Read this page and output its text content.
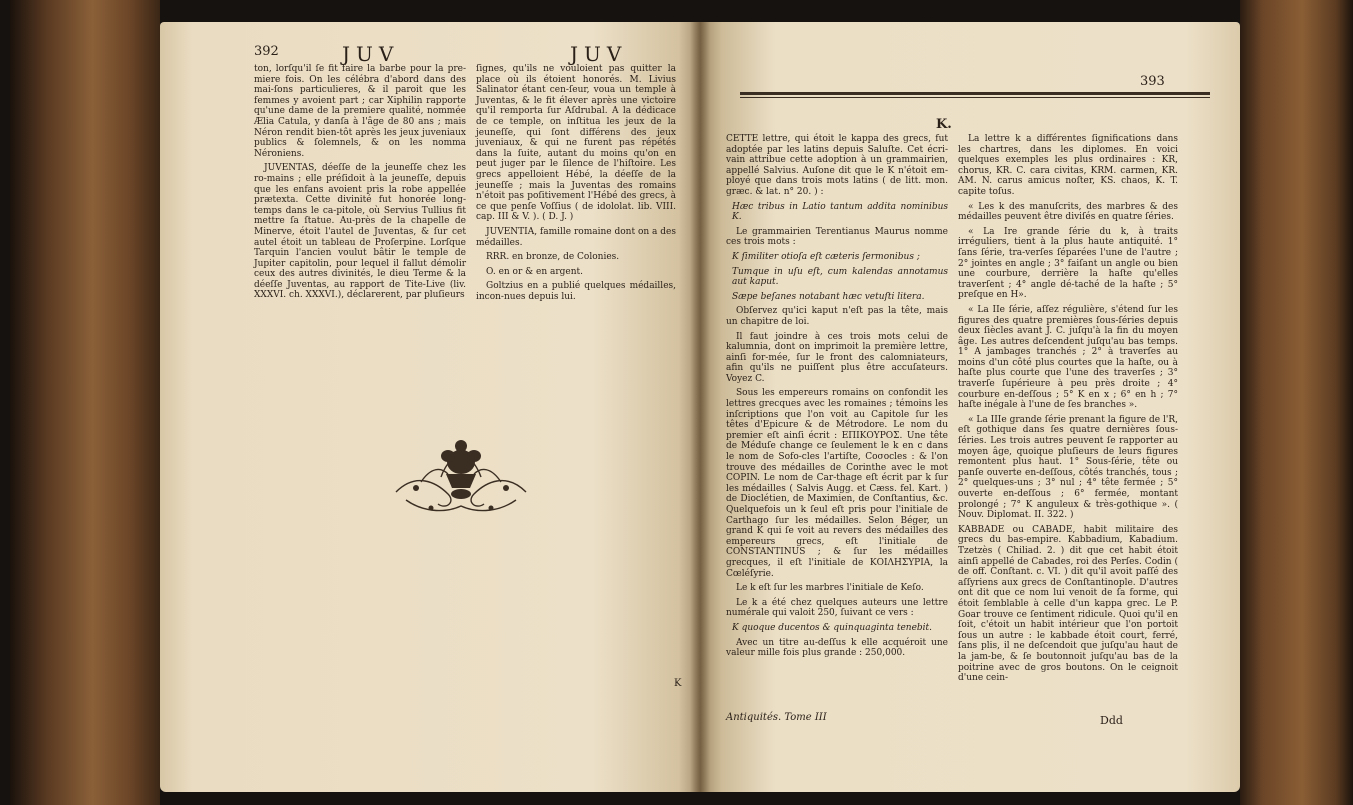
392	JUV	JUV

ton, lorſqu'il ſe fit faire la barbe pour la pre-miere fois. On les célébra d'abord dans des mai-ſons particulieres, & il paroit que les femmes y avoient part ; car Xiphilin rapporte qu'une dame de la premiere qualité, nommée Ælia Catula, y danſa à l'âge de 80 ans ; mais Néron rendit bien-tôt après les jeux juveniaux publics & ſolemnels, & on les nomma Néroniens.

JUVENTAS, déeſſe de la jeuneſſe chez les ro-mains ; elle préſidoit à la jeuneſſe, depuis que les enfans avoient pris la robe appellée prætexta. Cette divinité fut honorée long-temps dans le ca-pitole, où Servius Tullius fit mettre ſa ſtatue. Au-près de la chapelle de Minerve, étoit l'autel de Juventas, & ſur cet autel étoit un tableau de Proſerpine. Lorſque Tarquin l'ancien voulut bâtir le temple de Jupiter capitolin, pour lequel il fallut démolir ceux des autres divinités, le dieu Terme & la déeſſe Juventas, au rapport de Tite-Live (liv. XXXVI. ch. XXXVI.), déclarerent, par pluſieurs

ſignes, qu'ils ne vouloient pas quitter la place où ils étoient honorés. M. Livius Salinator étant cen-ſeur, voua un temple à Juventas, & le fit élever après une victoire qu'il remporta ſur Aſdrubal. A la dédicace de ce temple, on inſtitua les jeux de la jeuneſſe, qui ſont différens des jeux juveniaux, & qui ne furent pas répétés dans la ſuite, autant du moins qu'on en peut juger par le ſilence de l'hiſtoire. Les grecs appelloient Hébé, la déeſſe de la jeuneſſe ; mais la Juventas des romains n'étoit pas poſitivement l'Hébé des grecs, à ce que penſe Voſſius ( de idololat. lib. VIII. cap. III & V. ). ( D. J. )

JUVENTIA, famille romaine dont on a des médailles.

RRR. en bronze, de Colonies.

O. en or & en argent.

Goltzius en a publié quelques médailles, incon-nues depuis lui.

K
393
K.

CETTE lettre, qui étoit le kappa des grecs, fut adoptée par les latins depuis Saluſte. Cet écri-vain attribue cette adoption à un grammairien, appellé Salvius. Auſone dit que le K n'étoit em-ployé que dans trois mots latins ( de litt. mon. græc. & lat. n° 20. ) :

Hæc tribus in Latio tantum addita nominibus K.

Le grammairien Terentianus Maurus nomme ces trois mots :

K ſimiliter otioſa eſt cæteris ſermonibus ;

Tumque in uſu eſt, cum kalendas annotamus aut kaput.

Sæpe beſanes notabant hæc vetuſti litera.

Obſervez qu'ici kaput n'eſt pas la tête, mais un chapitre de loi.

Il faut joindre à ces trois mots celui de kalumnia, dont on imprimoit la première lettre, ainſi for-mée, ſur le front des calomniateurs, afin qu'ils ne puiſſent plus être accuſateurs. Voyez C.

Sous les empereurs romains on confondit les lettres grecques avec les romaines ; témoins les inſcriptions que l'on voit au Capitole ſur les têtes d'Epicure & de Métrodore. Le nom du premier eſt ainſi écrit : ΕΠΙΚΟΥΡΟΣ. Une tête de Méduſe change ce ſeulement le k en c dans le nom de Sofo-cles l'artiſte, Coσocles : & l'on trouve des médailles de Corinthe avec le mot COPIN. Le nom de Car-thage eſt écrit par k ſur les médailles ( Salvis Augg. et Cæss. fel. Kart. ) de Dioclétien, de Maximien, de Conſtantius, &c. Quelquefois un k ſeul eſt pris pour l'initiale de Carthago ſur les médailles. Selon Béger, un grand K qui ſe voit au revers des médailles des empereurs grecs, eſt l'initiale de CONSTANTINUS ; & ſur les médailles grecques, il eſt l'initiale de ΚΟΙΛΗΣΥΡΙΑ, la Cœléſyrie.

Le k eſt ſur les marbres l'initiale de Keſo.

Le k a été chez quelques auteurs une lettre numérale qui valoit 250, ſuivant ce vers :

K quoque ducentos & quinquaginta tenebit.

Avec un titre au-deſſus k elle acquéroit une valeur mille fois plus grande : 250,000.

La lettre k a différentes ſignifications dans les chartres, dans les diplomes. En voici quelques exemples les plus ordinaires : KR, chorus, KR. C. cara civitas, KRM. carmen, KR. AM. N. carus amicus noſter, KS. chaos, K. T. capite toſus.

« Les k des manuſcrits, des marbres & des médailles peuvent être diviſés en quatre ſéries.

« La Ire grande ſérie du k, à traits irréguliers, tient à la plus haute antiquité. 1° ſans ſérie, tra-verſes ſéparées l'une de l'autre ; 2° jointes en angle ; 3° faiſant un angle ou bien une courbure, derrière la haſte qu'elles traverſent ; 4° angle dé-taché de la haſte ; 5° preſque en H».

« La IIe ſérie, aſſez régulière, s'étend ſur les figures des quatre premières ſous-ſéries depuis deux ſiècles avant J. C. juſqu'à la fin du moyen âge. Les autres deſcendent juſqu'au bas temps. 1° A jambages tranchés ; 2° à traverſes au moins d'un côté plus courtes que la haſte, ou à haſte plus courte que l'une des traverſes ; 3° traverſe ſupérieure à peu près droite ; 4° courbure en-deſſous ; 5° K en x ; 6° en h ; 7° haſte inégale à l'une de ſes branches ».

« La IIIe grande ſérie prenant la figure de l'R, eſt gothique dans ſes quatre dernières ſous-ſéries. Les trois autres peuvent ſe rapporter au moyen âge, quoique pluſieurs de leurs figures remontent plus haut. 1° Sous-ſérie, tête ou panſe ouverte en-deſſous, côtés tranchés, tous ; 2° quelques-uns ; 3° nul ; 4° tête fermée ; 5° ouverte en-deſſous ; 6° fermée, montant prolongé ; 7° K anguleux & très-gothique ». ( Nouv. Diplomat. II. 322. )

KABBADE ou CABADE, habit militaire des grecs du bas-empire. Kabbadium, Kabadium. Tzetzès ( Chiliad. 2. ) dit que cet habit étoit ainſi appellé de Cabades, roi des Perſes. Codin ( de off. Conſtant. c. VI. ) dit qu'il avoit paſſé des aſſyriens aux grecs de Conſtantinople. D'autres ont dit que ce nom lui venoit de ſa forme, qui étoit ſemblable à celle d'un kappa grec. Le P. Goar trouve ce ſentiment ridicule. Quoi qu'il en ſoit, c'étoit un habit intérieur que l'on portoit ſous un autre : le kabbade étoit court, ferré, ſans plis, il ne deſcendoit que juſqu'au haut de la jam-be, & ſe boutonnoit juſqu'au bas de la poitrine avec de gros boutons. On le ceignoit d'une cein-

Antiquités. Tome III	Ddd
